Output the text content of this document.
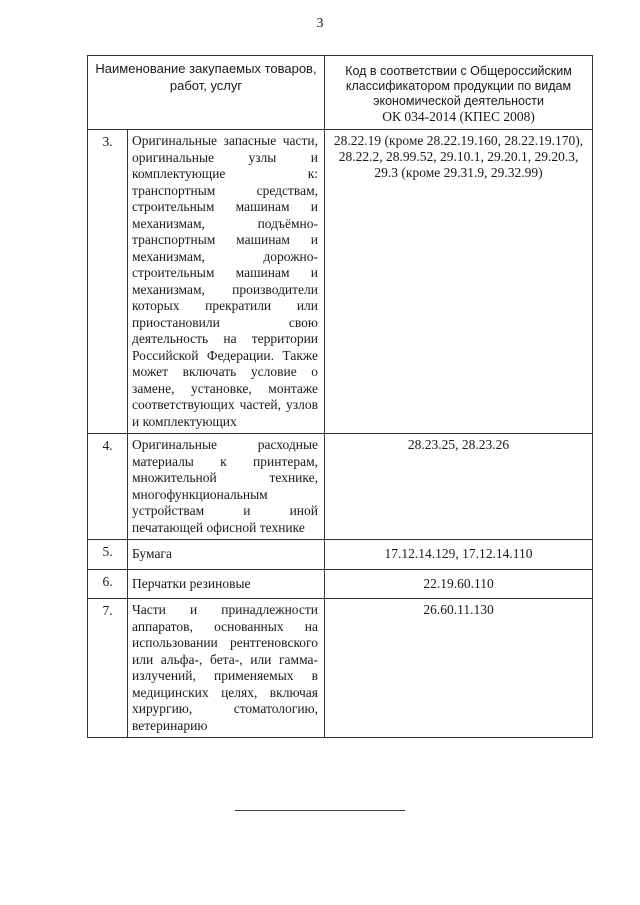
3
Наименование закупаемых товаров, работ, услуг		Код в соответствии с Общероссийским классификатором продукции по видам экономической деятельности
ОК 034-2014 (КПЕС 2008)
3.	Оригинальные запасные части, оригинальные узлы и комплектующие к: транспортным средствам, строительным машинам и механизмам, подъёмно-транспортным машинам и механизмам, дорожно-строительным машинам и механизмам, производители которых прекратили или приостановили свою деятельность на территории Российской Федерации. Также может включать условие о замене, установке, монтаже соответствующих частей, узлов и комплектующих	28.22.19 (кроме 28.22.19.160, 28.22.19.170), 28.22.2, 28.99.52, 29.10.1, 29.20.1, 29.20.3, 29.3 (кроме 29.31.9, 29.32.99)
4.	Оригинальные расходные материалы к принтерам, множительной технике, многофункциональным устройствам и иной печатающей офисной технике	28.23.25, 28.23.26
5.	Бумага	17.12.14.129, 17.12.14.110
6.	Перчатки резиновые	22.19.60.110
7.	Части и принадлежности аппаратов, основанных на использовании рентгеновского или альфа-, бета-, или гамма-излучений, применяемых в медицинских целях, включая хирургию, стоматологию, ветеринарию	26.60.11.130
